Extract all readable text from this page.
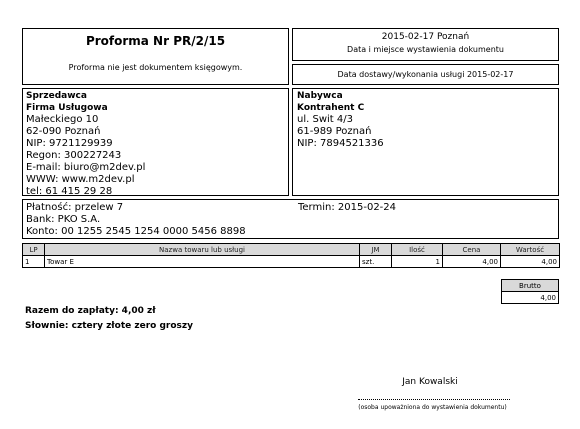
Proforma Nr PR/2/15
Proforma nie jest dokumentem księgowym.
2015-02-17 Poznań
Data i miejsce wystawienia dokumentu
Data dostawy/wykonania usługi 2015-02-17
Sprzedawca
Firma Usługowa
Małeckiego 10
62-090 Poznań
NIP: 9721129939
Regon: 300227243
E-mail: biuro@m2dev.pl
WWW: www.m2dev.pl
tel: 61 415 29 28
Nabywca
Kontrahent C
ul. Swit 4/3
61-989 Poznań
NIP: 7894521336
Płatność: przelew 7	Termin: 2015-02-24
Bank: PKO S.A.
Konto: 00 1255 2545 1254 0000 5456 8898
LP	Nazwa towaru lub usługi	JM	Ilość	Cena	Wartość
1	Towar E	szt.	1	4,00	4,00
Brutto
4,00
Razem do zapłaty: 4,00 zł
Słownie: cztery złote zero groszy
Jan Kowalski
(osoba upoważniona do wystawienia dokumentu)
